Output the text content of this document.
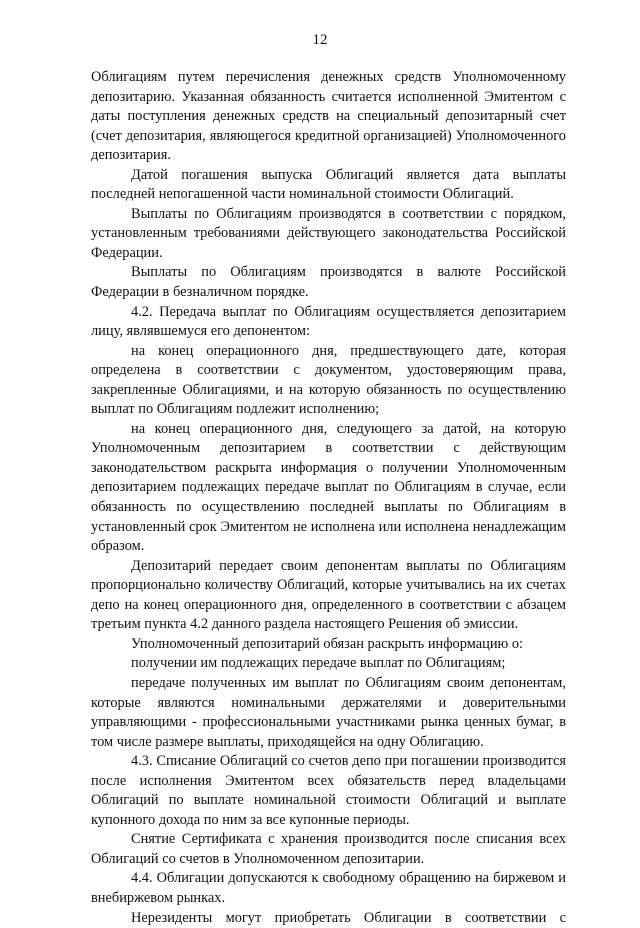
12

Облигациям путем перечисления денежных средств Уполномоченному депозитарию. Указанная обязанность считается исполненной Эмитентом с даты поступления денежных средств на специальный депозитарный счет (счет депозитария, являющегося кредитной организацией) Уполномоченного депозитария.

Датой погашения выпуска Облигаций является дата выплаты последней непогашенной части номинальной стоимости Облигаций.

Выплаты по Облигациям производятся в соответствии с порядком, установленным требованиями действующего законодательства Российской Федерации.

Выплаты по Облигациям производятся в валюте Российской Федерации в безналичном порядке.

4.2. Передача выплат по Облигациям осуществляется депозитарием лицу, являвшемуся его депонентом:

на конец операционного дня, предшествующего дате, которая определена в соответствии с документом, удостоверяющим права, закрепленные Облигациями, и на которую обязанность по осуществлению выплат по Облигациям подлежит исполнению;

на конец операционного дня, следующего за датой, на которую Уполномоченным депозитарием в соответствии с действующим законодательством раскрыта информация о получении Уполномоченным депозитарием подлежащих передаче выплат по Облигациям в случае, если обязанность по осуществлению последней выплаты по Облигациям в установленный срок Эмитентом не исполнена или исполнена ненадлежащим образом.

Депозитарий передает своим депонентам выплаты по Облигациям пропорционально количеству Облигаций, которые учитывались на их счетах депо на конец операционного дня, определенного в соответствии с абзацем третьим пункта 4.2 данного раздела настоящего Решения об эмиссии.

Уполномоченный депозитарий обязан раскрыть информацию о:

получении им подлежащих передаче выплат по Облигациям;

передаче полученных им выплат по Облигациям своим депонентам, которые являются номинальными держателями и доверительными управляющими - профессиональными участниками рынка ценных бумаг, в том числе размере выплаты, приходящейся на одну Облигацию.

4.3. Списание Облигаций со счетов депо при погашении производится после исполнения Эмитентом всех обязательств перед владельцами Облигаций по выплате номинальной стоимости Облигаций и выплате купонного дохода по ним за все купонные периоды.

Снятие Сертификата с хранения производится после списания всех Облигаций со счетов в Уполномоченном депозитарии.

4.4. Облигации допускаются к свободному обращению на биржевом и внебиржевом рынках.

Нерезиденты могут приобретать Облигации в соответствии с
